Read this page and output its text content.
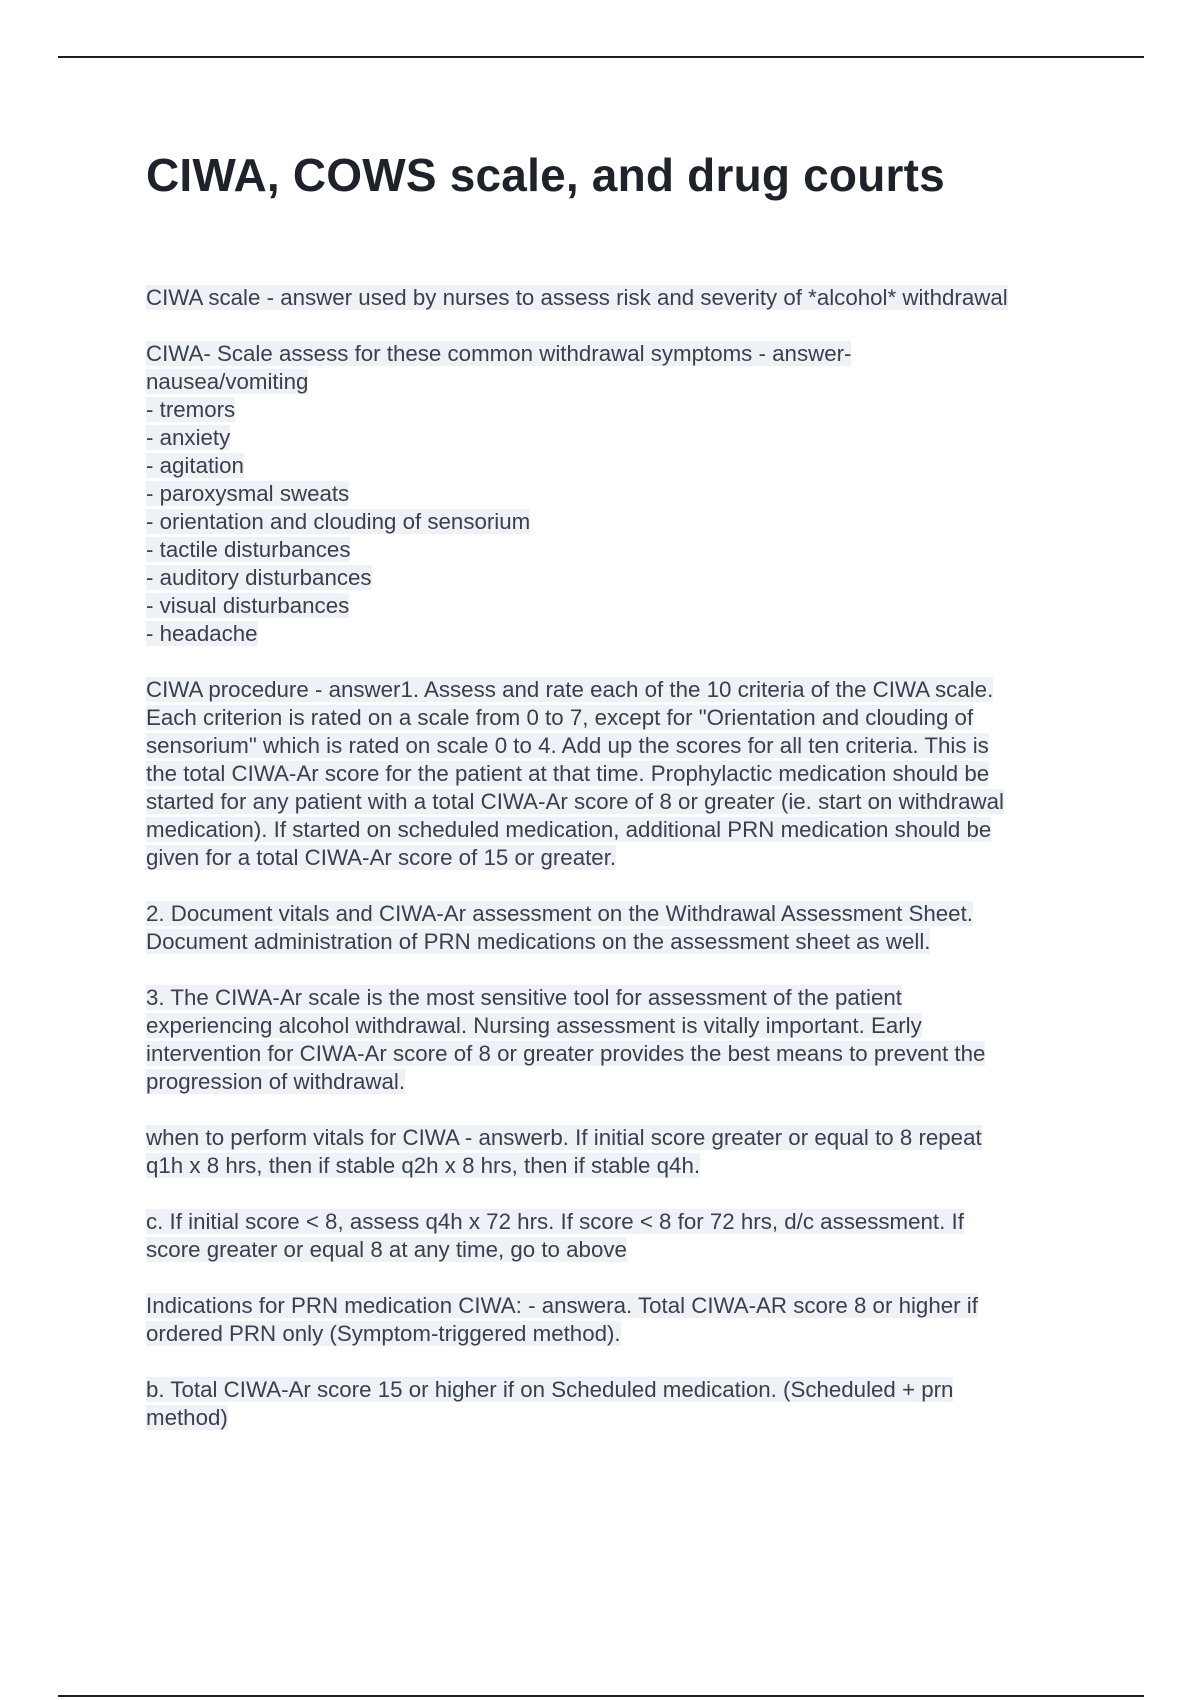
CIWA, COWS scale, and drug courts
CIWA scale - answer used by nurses to assess risk and severity of *alcohol* withdrawal
CIWA- Scale assess for these common withdrawal symptoms - answer-
nausea/vomiting
- tremors
- anxiety
- agitation
- paroxysmal sweats
- orientation and clouding of sensorium
- tactile disturbances
- auditory disturbances
- visual disturbances
- headache
CIWA procedure - answer1. Assess and rate each of the 10 criteria of the CIWA scale.
Each criterion is rated on a scale from 0 to 7, except for "Orientation and clouding of
sensorium" which is rated on scale 0 to 4. Add up the scores for all ten criteria. This is
the total CIWA-Ar score for the patient at that time. Prophylactic medication should be
started for any patient with a total CIWA-Ar score of 8 or greater (ie. start on withdrawal
medication). If started on scheduled medication, additional PRN medication should be
given for a total CIWA-Ar score of 15 or greater.
2. Document vitals and CIWA-Ar assessment on the Withdrawal Assessment Sheet.
Document administration of PRN medications on the assessment sheet as well.
3. The CIWA-Ar scale is the most sensitive tool for assessment of the patient
experiencing alcohol withdrawal. Nursing assessment is vitally important. Early
intervention for CIWA-Ar score of 8 or greater provides the best means to prevent the
progression of withdrawal.
when to perform vitals for CIWA - answerb. If initial score greater or equal to 8 repeat
q1h x 8 hrs, then if stable q2h x 8 hrs, then if stable q4h.
c. If initial score < 8, assess q4h x 72 hrs. If score < 8 for 72 hrs, d/c assessment. If
score greater or equal 8 at any time, go to above
Indications for PRN medication CIWA: - answera. Total CIWA-AR score 8 or higher if
ordered PRN only (Symptom-triggered method).
b. Total CIWA-Ar score 15 or higher if on Scheduled medication. (Scheduled + prn
method)
